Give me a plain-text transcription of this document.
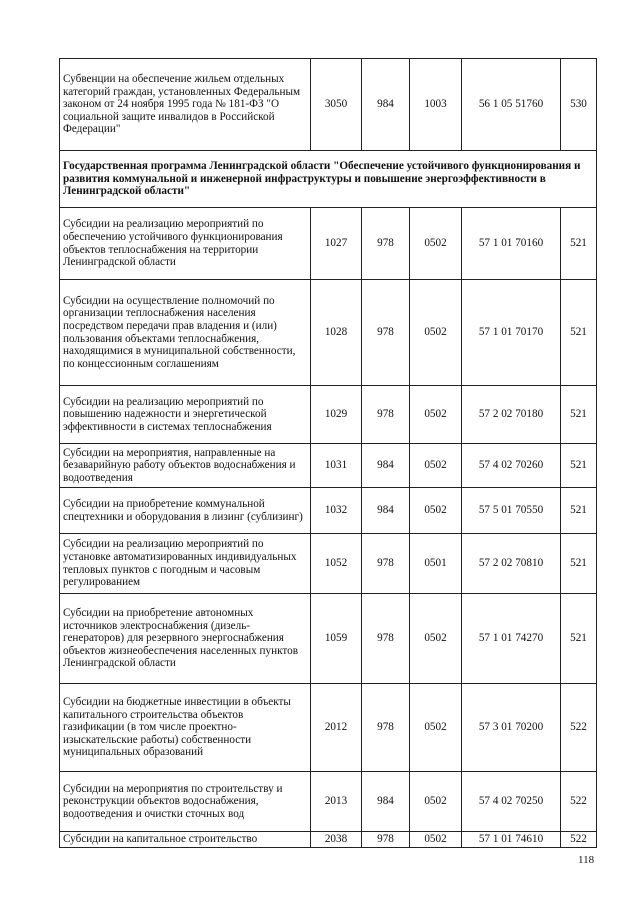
Субвенции на обеспечение жильем отдельных категорий граждан, установленных Федеральным законом от 24 ноября 1995 года № 181-ФЗ "О социальной защите инвалидов в Российской Федерации"	3050	984	1003	56 1 05 51760	530
Государственная программа Ленинградской области "Обеспечение устойчивого функционирования и развития коммунальной и инженерной инфраструктуры и повышение энергоэффективности в Ленинградской области"					
Субсидии на реализацию мероприятий по обеспечению устойчивого функционирования объектов теплоснабжения на территории Ленинградской области	1027	978	0502	57 1 01 70160	521
Субсидии на осуществление полномочий по организации теплоснабжения населения посредством передачи прав владения и (или) пользования объектами теплоснабжения, находящимися в муниципальной собственности, по концессионным соглашениям	1028	978	0502	57 1 01 70170	521
Субсидии на реализацию мероприятий по повышению надежности и энергетической эффективности в системах теплоснабжения	1029	978	0502	57 2 02 70180	521
Субсидии на мероприятия, направленные на безаварийную работу объектов водоснабжения и водоотведения	1031	984	0502	57 4 02 70260	521
Субсидии на приобретение коммунальной спецтехники и оборудования в лизинг (сублизинг)	1032	984	0502	57 5 01 70550	521
Субсидии на реализацию мероприятий по установке автоматизированных индивидуальных тепловых пунктов с погодным и часовым регулированием	1052	978	0501	57 2 02 70810	521
Субсидии на приобретение автономных источников электроснабжения (дизель-генераторов) для резервного энергоснабжения объектов жизнеобеспечения населенных пунктов Ленинградской области	1059	978	0502	57 1 01 74270	521
Субсидии на бюджетные инвестиции в объекты капитального строительства объектов газификации (в том числе проектно-изыскательские работы) собственности муниципальных образований	2012	978	0502	57 3 01 70200	522
Субсидии на мероприятия по строительству и реконструкции объектов водоснабжения, водоотведения и очистки сточных вод	2013	984	0502	57 4 02 70250	522
Субсидии на капитальное строительство	2038	978	0502	57 1 01 74610	522
118
